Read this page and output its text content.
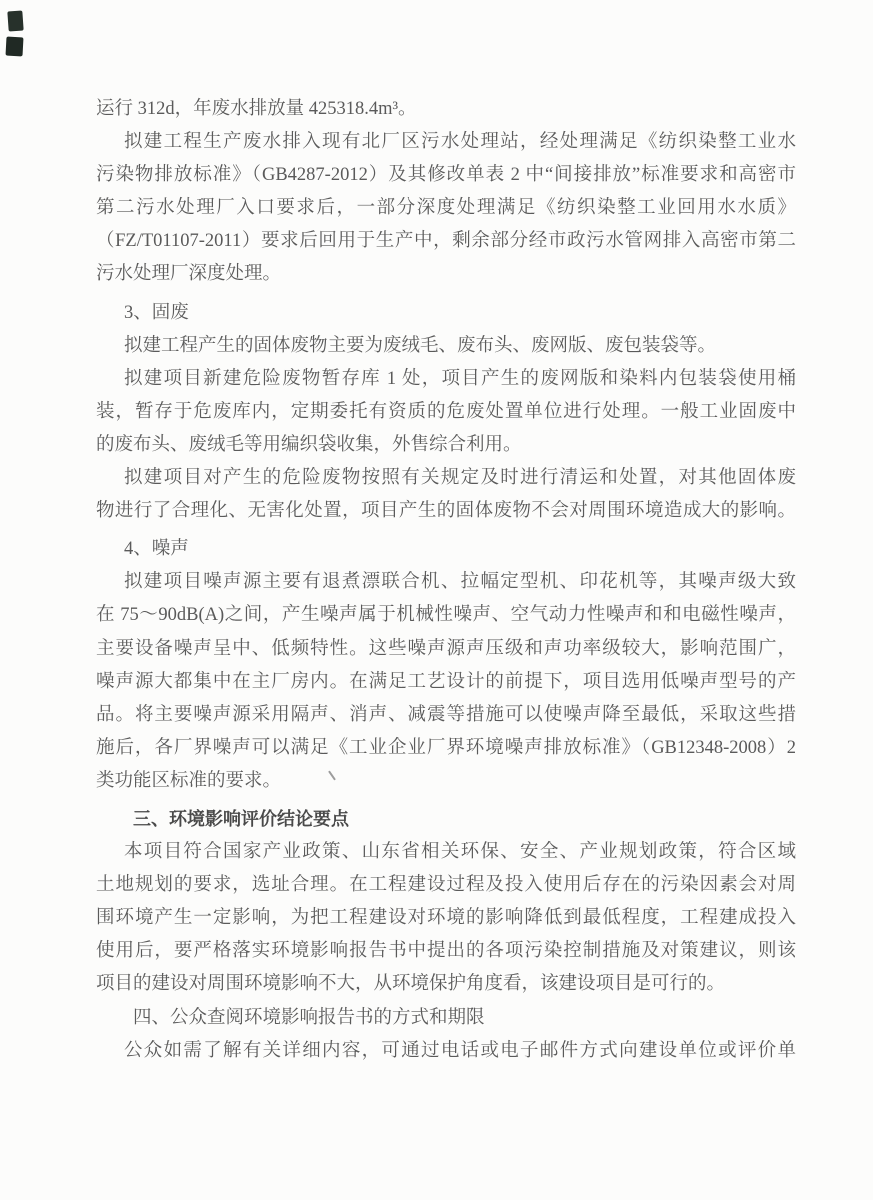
运行 312d，年废水排放量 425318.4m³。
拟建工程生产废水排入现有北厂区污水处理站，经处理满足《纺织染整工业水
污染物排放标准》（GB4287-2012）及其修改单表 2 中“间接排放”标准要求和高密市
第二污水处理厂入口要求后，一部分深度处理满足《纺织染整工业回用水水质》
（FZ/T01107-2011）要求后回用于生产中，剩余部分经市政污水管网排入高密市第二
污水处理厂深度处理。
3、固废
拟建工程产生的固体废物主要为废绒毛、废布头、废网版、废包装袋等。
拟建项目新建危险废物暂存库 1 处，项目产生的废网版和染料内包装袋使用桶
装，暂存于危废库内，定期委托有资质的危废处置单位进行处理。一般工业固废中
的废布头、废绒毛等用编织袋收集，外售综合利用。
拟建项目对产生的危险废物按照有关规定及时进行清运和处置，对其他固体废
物进行了合理化、无害化处置，项目产生的固体废物不会对周围环境造成大的影响。
4、噪声
拟建项目噪声源主要有退煮漂联合机、拉幅定型机、印花机等，其噪声级大致
在 75～90dB(A)之间，产生噪声属于机械性噪声、空气动力性噪声和和电磁性噪声，
主要设备噪声呈中、低频特性。这些噪声源声压级和声功率级较大，影响范围广，
噪声源大都集中在主厂房内。在满足工艺设计的前提下，项目选用低噪声型号的产
品。将主要噪声源采用隔声、消声、减震等措施可以使噪声降至最低，采取这些措
施后，各厂界噪声可以满足《工业企业厂界环境噪声排放标准》（GB12348-2008）2
类功能区标准的要求。
三、环境影响评价结论要点
本项目符合国家产业政策、山东省相关环保、安全、产业规划政策，符合区域
土地规划的要求，选址合理。在工程建设过程及投入使用后存在的污染因素会对周
围环境产生一定影响，为把工程建设对环境的影响降低到最低程度，工程建成投入
使用后，要严格落实环境影响报告书中提出的各项污染控制措施及对策建议，则该
项目的建设对周围环境影响不大，从环境保护角度看，该建设项目是可行的。
四、公众查阅环境影响报告书的方式和期限
公众如需了解有关详细内容，可通过电话或电子邮件方式向建设单位或评价单
